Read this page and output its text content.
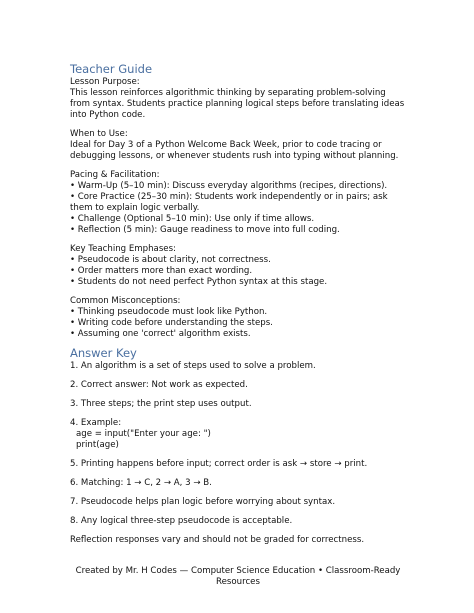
Teacher Guide
Lesson Purpose:
This lesson reinforces algorithmic thinking by separating problem-solving
from syntax. Students practice planning logical steps before translating ideas
into Python code.
When to Use:
Ideal for Day 3 of a Python Welcome Back Week, prior to code tracing or
debugging lessons, or whenever students rush into typing without planning.
Pacing & Facilitation:
• Warm-Up (5–10 min): Discuss everyday algorithms (recipes, directions).
• Core Practice (25–30 min): Students work independently or in pairs; ask
them to explain logic verbally.
• Challenge (Optional 5–10 min): Use only if time allows.
• Reflection (5 min): Gauge readiness to move into full coding.
Key Teaching Emphases:
• Pseudocode is about clarity, not correctness.
• Order matters more than exact wording.
• Students do not need perfect Python syntax at this stage.
Common Misconceptions:
• Thinking pseudocode must look like Python.
• Writing code before understanding the steps.
• Assuming one 'correct' algorithm exists.
Answer Key
1. An algorithm is a set of steps used to solve a problem.
2. Correct answer: Not work as expected.
3. Three steps; the print step uses output.
4. Example:
age = input("Enter your age: ")
print(age)
5. Printing happens before input; correct order is ask → store → print.
6. Matching: 1 → C, 2 → A, 3 → B.
7. Pseudocode helps plan logic before worrying about syntax.
8. Any logical three-step pseudocode is acceptable.
Reflection responses vary and should not be graded for correctness.
Created by Mr. H Codes — Computer Science Education • Classroom-Ready
Resources
